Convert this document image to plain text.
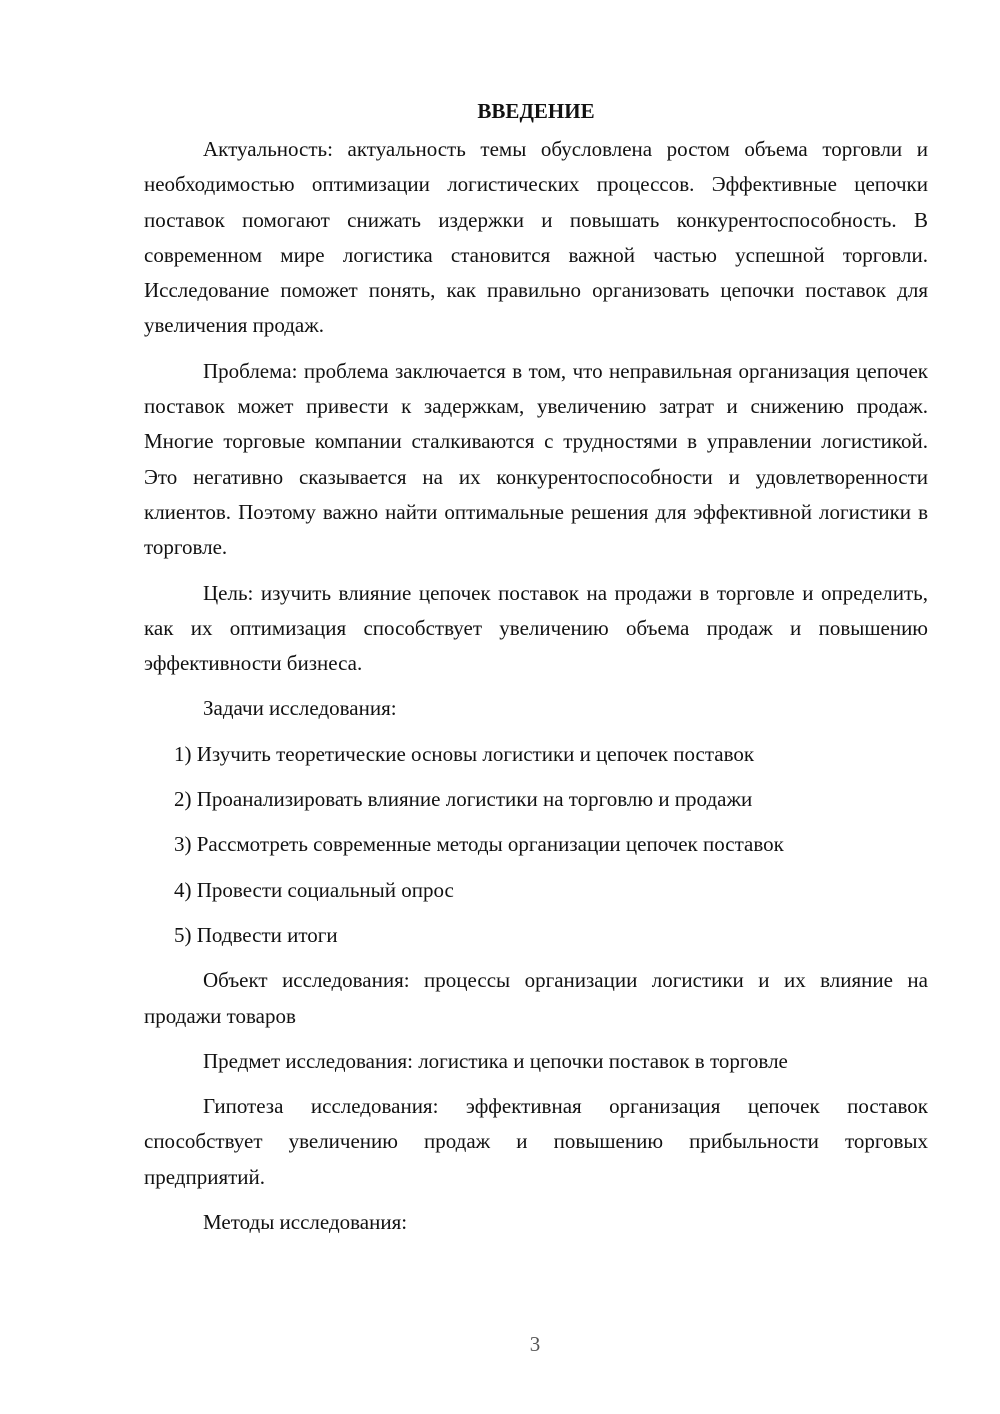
ВВЕДЕНИЕ

Актуальность: актуальность темы обусловлена ростом объема торговли и необходимостью оптимизации логистических процессов. Эффективные цепочки поставок помогают снижать издержки и повышать конкурентоспособность. В современном мире логистика становится важной частью успешной торговли. Исследование поможет понять, как правильно организовать цепочки поставок для увеличения продаж.

Проблема: проблема заключается в том, что неправильная организация цепочек поставок может привести к задержкам, увеличению затрат и снижению продаж. Многие торговые компании сталкиваются с трудностями в управлении логистикой. Это негативно сказывается на их конкурентоспособности и удовлетворенности клиентов. Поэтому важно найти оптимальные решения для эффективной логистики в торговле.

Цель: изучить влияние цепочек поставок на продажи в торговле и определить, как их оптимизация способствует увеличению объема продаж и повышению эффективности бизнеса.

Задачи исследования:

1) Изучить теоретические основы логистики и цепочек поставок
2) Проанализировать влияние логистики на торговлю и продажи
3) Рассмотреть современные методы организации цепочек поставок
4) Провести социальный опрос
5) Подвести итоги

Объект исследования: процессы организации логистики и их влияние на продажи товаров

Предмет исследования: логистика и цепочки поставок в торговле

Гипотеза исследования: эффективная организация цепочек поставок способствует увеличению продаж и повышению прибыльности торговых предприятий.

Методы исследования:

3
